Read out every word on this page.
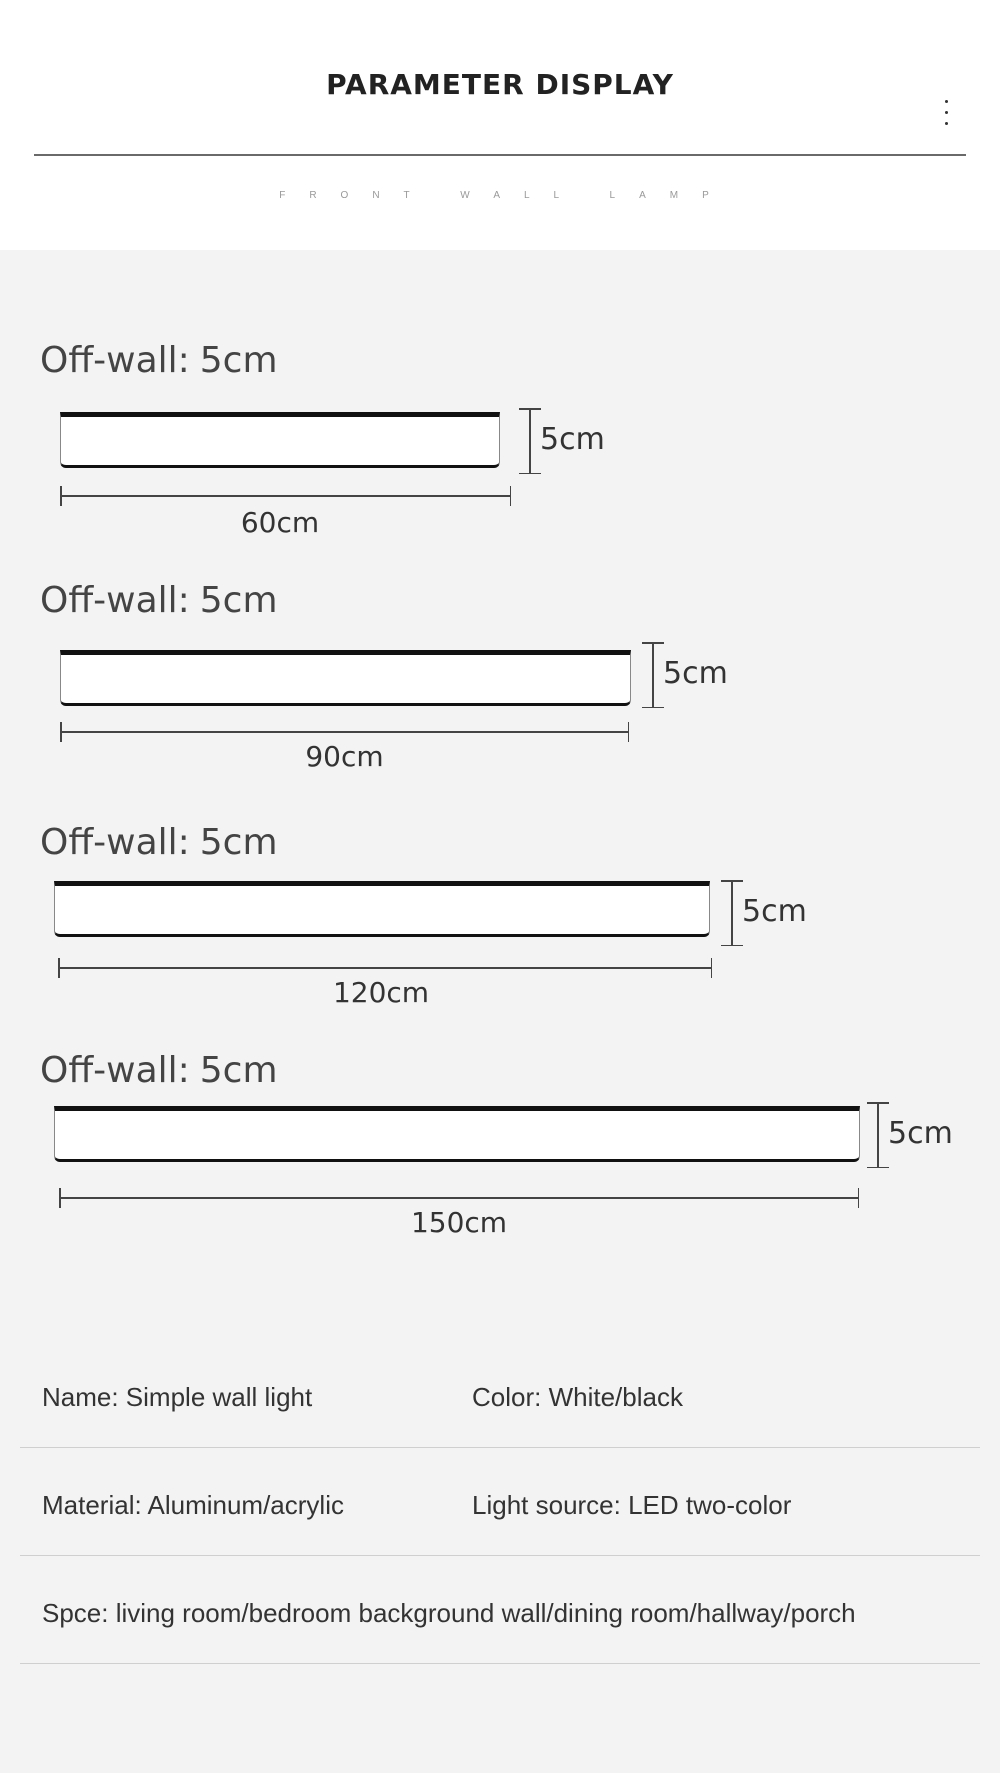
PARAMETER DISPLAY
FRONT WALL LAMP
Off-wall: 5cm
5cm
60cm
Off-wall: 5cm
5cm
90cm
Off-wall: 5cm
5cm
120cm
Off-wall: 5cm
5cm
150cm
Name: Simple wall light	Color: White/black
Material: Aluminum/acrylic	Light source: LED two-color
Spce: living room/bedroom background wall/dining room/hallway/porch
